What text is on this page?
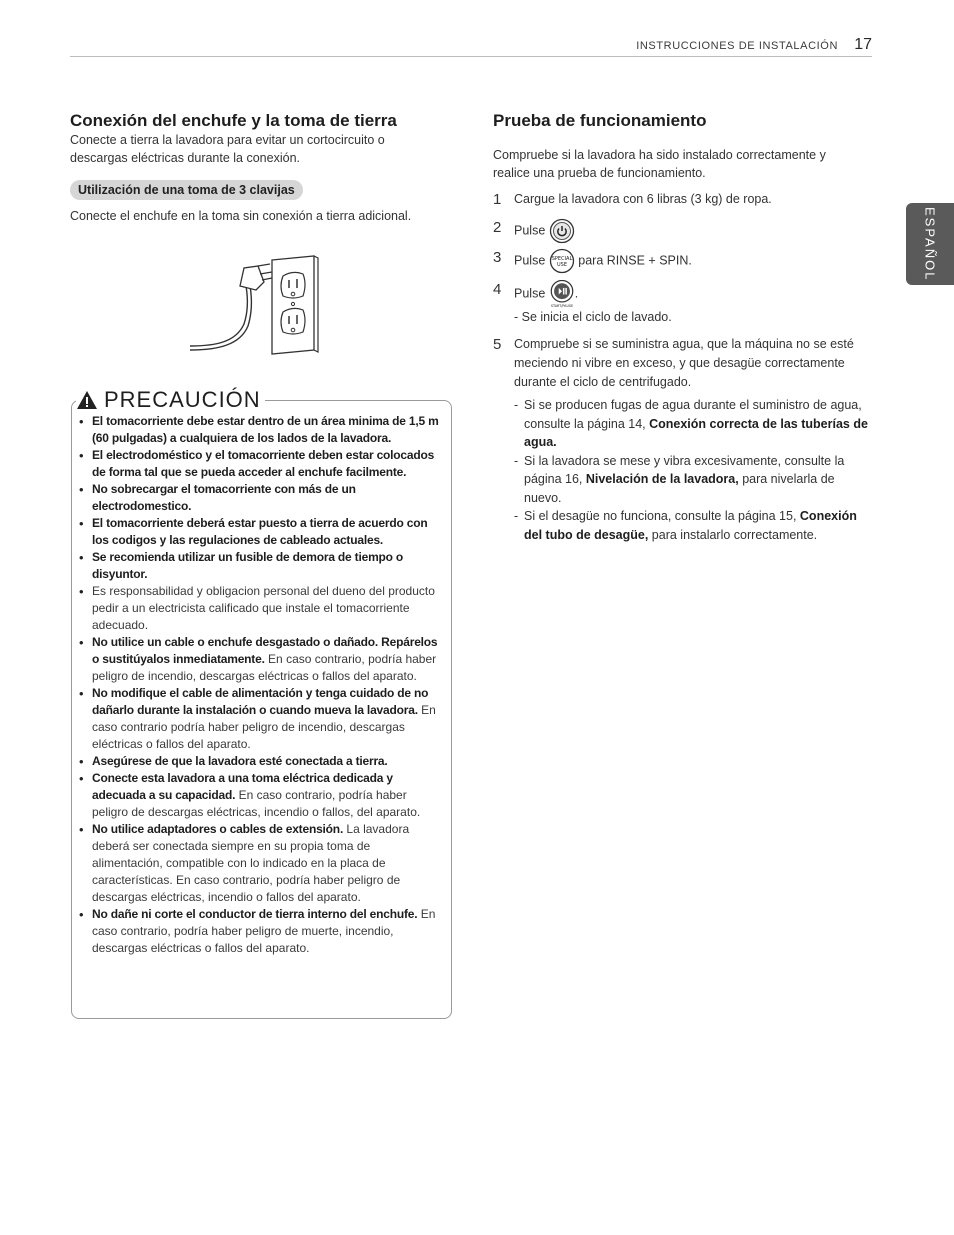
INSTRUCCIONES DE INSTALACIÓN 17
ESPAÑOL
Conexión del enchufe y la toma de tierra
Conecte a tierra la lavadora para evitar un cortocircuito o
descargas eléctricas durante la conexión.
Utilización de una toma de 3 clavijas
Conecte el enchufe en la toma sin conexión a tierra adicional.
PRECAUCIÓN
• El tomacorriente debe estar dentro de un área minima de 1,5 m (60 pulgadas) a cualquiera de los lados de la lavadora.
• El electrodoméstico y el tomacorriente deben estar colocados de forma tal que se pueda acceder al enchufe facilmente.
• No sobrecargar el tomacorriente con más de un electrodomestico.
• El tomacorriente deberá estar puesto a tierra de acuerdo con los codigos y las regulaciones de cableado actuales.
• Se recomienda utilizar un fusible de demora de tiempo o disyuntor.
• Es responsabilidad y obligacion personal del dueno del producto pedir a un electricista calificado que instale el tomacorriente adecuado.
• No utilice un cable o enchufe desgastado o dañado. Repárelos o sustitúyalos inmediatamente. En caso contrario, podría haber peligro de incendio, descargas eléctricas o fallos del aparato.
• No modifique el cable de alimentación y tenga cuidado de no dañarlo durante la instalación o cuando mueva la lavadora. En caso contrario podría haber peligro de incendio, descargas eléctricas o fallos del aparato.
• Asegúrese de que la lavadora esté conectada a tierra.
• Conecte esta lavadora a una toma eléctrica dedicada y adecuada a su capacidad. En caso contrario, podría haber peligro de descargas eléctricas, incendio o fallos, del aparato.
• No utilice adaptadores o cables de extensión. La lavadora deberá ser conectada siempre en su propia toma de alimentación, compatible con lo indicado en la placa de características. En caso contrario, podría haber peligro de descargas eléctricas, incendio o fallos del aparato.
• No dañe ni corte el conductor de tierra interno del enchufe. En caso contrario, podría haber peligro de muerte, incendio, descargas eléctricas o fallos del aparato.
Prueba de funcionamiento
Compruebe si la lavadora ha sido instalado correctamente y
realice una prueba de funcionamiento.
1 Cargue la lavadora con 6 libras (3 kg) de ropa.
2 Pulse
3 Pulse SPECIAL
USE para RINSE + SPIN.
4 Pulse
START/PAUSE
.
- Se inicia el ciclo de lavado.
5 Compruebe si se suministra agua, que la máquina no se esté meciendo ni vibre en exceso, y que desagüe correctamente durante el ciclo de centrifugado.
- Si se producen fugas de agua durante el suministro de agua, consulte la página 14, Conexión correcta de las tuberías de agua.
- Si la lavadora se mese y vibra excesivamente, consulte la página 16, Nivelación de la lavadora, para nivelarla de nuevo.
- Si el desagüe no funciona, consulte la página 15, Conexión del tubo de desagüe, para instalarlo correctamente.
